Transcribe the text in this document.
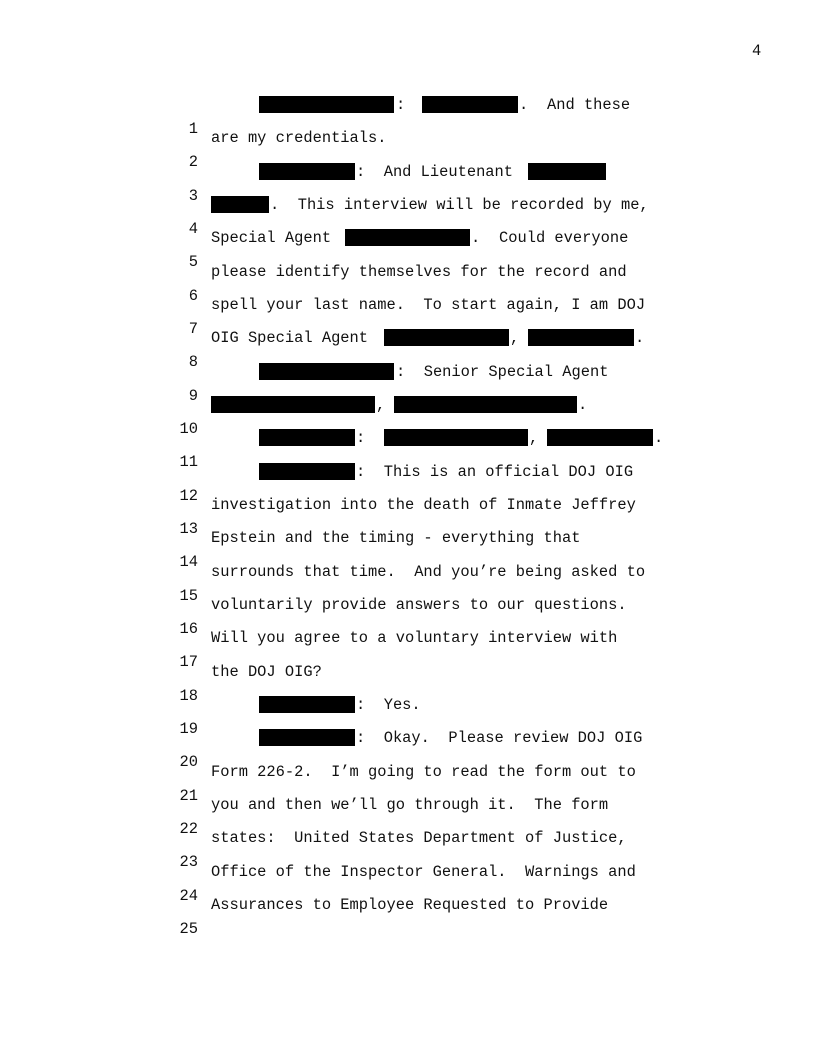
4

1

:

	.

And these

2

are my credentials.

3

:  And Lieutenant

4

.  This interview will be recorded by me,

5

Special Agent

	.

Could everyone

6

please identify themselves for the record and

7

spell your last name.  To start again, I am DOJ

8

OIG Special Agent

	,

	.

9

:  Senior Special Agent

10

,

	.

11

:

	,

	.

12

:  This is an official DOJ OIG

13

investigation into the death of Inmate Jeffrey

14

Epstein and the timing - everything that

15

surrounds that time.  And you’re being asked to

16

voluntarily provide answers to our questions.

17

Will you agree to a voluntary interview with

18

the DOJ OIG?

19

:  Yes.

20

:  Okay.  Please review DOJ OIG

21

Form 226-2.  I’m going to read the form out to

22

you and then we’ll go through it.  The form

23

states:  United States Department of Justice,

24

Office of the Inspector General.  Warnings and

25

Assurances to Employee Requested to Provide
